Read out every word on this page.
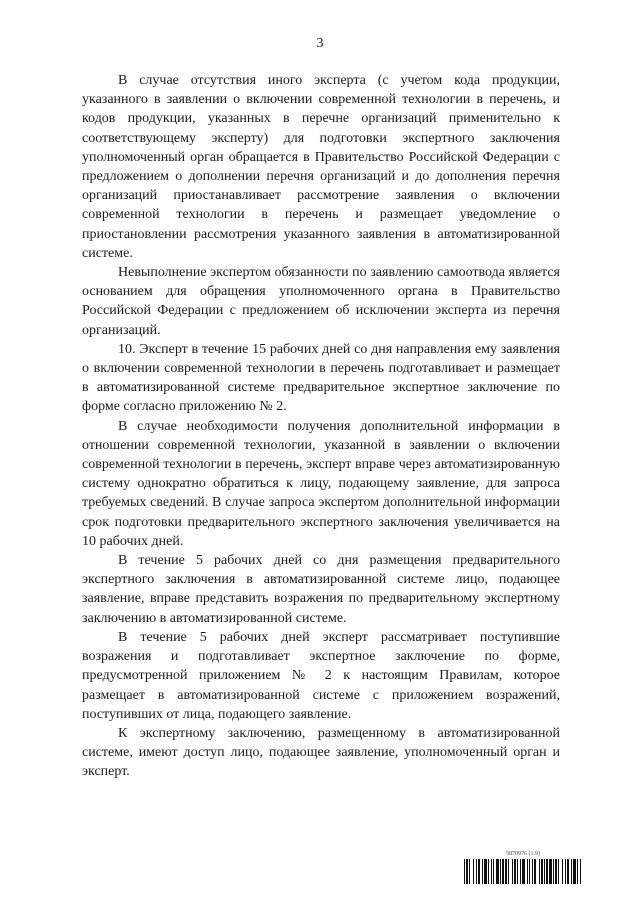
3

В случае отсутствия иного эксперта (с учетом кода продукции, указанного в заявлении о включении современной технологии в перечень, и кодов продукции, указанных в перечне организаций применительно к соответствующему эксперту) для подготовки экспертного заключения уполномоченный орган обращается в Правительство Российской Федерации с предложением о дополнении перечня организаций и до дополнения перечня организаций приостанавливает рассмотрение заявления о включении современной технологии в перечень и размещает уведомление о приостановлении рассмотрения указанного заявления в автоматизированной системе.

Невыполнение экспертом обязанности по заявлению самоотвода является основанием для обращения уполномоченного органа в Правительство Российской Федерации с предложением об исключении эксперта из перечня организаций.

10. Эксперт в течение 15 рабочих дней со дня направления ему заявления о включении современной технологии в перечень подготавливает и размещает в автоматизированной системе предварительное экспертное заключение по форме согласно приложению № 2.

В случае необходимости получения дополнительной информации в отношении современной технологии, указанной в заявлении о включении современной технологии в перечень, эксперт вправе через автоматизированную систему однократно обратиться к лицу, подающему заявление, для запроса требуемых сведений. В случае запроса экспертом дополнительной информации срок подготовки предварительного экспертного заключения увеличивается на 10 рабочих дней.

В течение 5 рабочих дней со дня размещения предварительного экспертного заключения в автоматизированной системе лицо, подающее заявление, вправе представить возражения по предварительному экспертному заключению в автоматизированной системе.

В течение 5 рабочих дней эксперт рассматривает поступившие возражения и подготавливает экспертное заключение по форме, предусмотренной приложением № 2 к настоящим Правилам, которое размещает в автоматизированной системе с приложением возражений, поступивших от лица, подающего заявление.

К экспертному заключению, размещенному в автоматизированной системе, имеют доступ лицо, подающее заявление, уполномоченный орган и эксперт.

5870976 (1.9)
